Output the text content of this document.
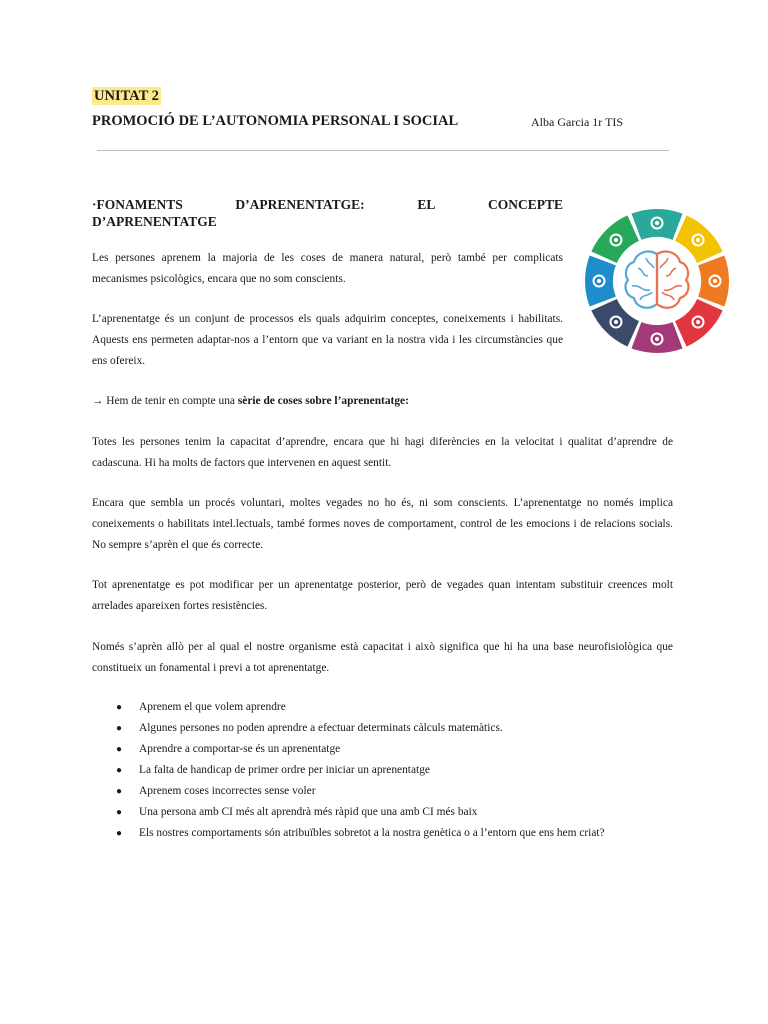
UNITAT 2
PROMOCIÓ DE L’AUTONOMIA PERSONAL I SOCIAL	Alba Garcia 1r TIS
·FONAMENTS	D’APRENENTATGE:	EL	CONCEPTE
D’APRENENTATGE

Les persones aprenem la majoria de les coses de manera natural, però també per complicats mecanismes psicològics, encara que no som conscients.

L’aprenentatge és un conjunt de processos els quals adquirim conceptes, coneixements i habilitats. Aquests ens permeten adaptar-nos a l’entorn que va variant en la nostra vida i les circumstàncies que ens ofereix.

→ Hem de tenir en compte una sèrie de coses sobre l’aprenentatge:

Totes les persones tenim la capacitat d’aprendre, encara que hi hagi diferències en la velocitat i qualitat d’aprendre de cadascuna. Hi ha molts de factors que intervenen en aquest sentit.

Encara que sembla un procés voluntari, moltes vegades no ho és, ni som conscients. L’aprenentatge no només implica coneixements o habilitats intel.lectuals, també formes noves de comportament, control de les emocions i de relacions socials. No sempre s’aprèn el que és correcte.

Tot aprenentatge es pot modificar per un aprenentatge posterior, però de vegades quan intentam substituir creences molt arrelades apareixen fortes resistències.

Només s’aprèn allò per al qual el nostre organisme està capacitat i això significa que hi ha una base neurofisiològica que constitueix un fonamental i previ a tot aprenentatge.

● Aprenem el que volem aprendre
● Algunes persones no poden aprendre a efectuar determinats càlculs matemàtics.
● Aprendre a comportar-se és un aprenentatge
● La falta de handicap de primer ordre per iniciar un aprenentatge
● Aprenem coses incorrectes sense voler
● Una persona amb CI més alt aprendrà més ràpid que una amb CI més baix
● Els nostres comportaments són atribuïbles sobretot a la nostra genètica o a l’entorn que ens hem criat?
